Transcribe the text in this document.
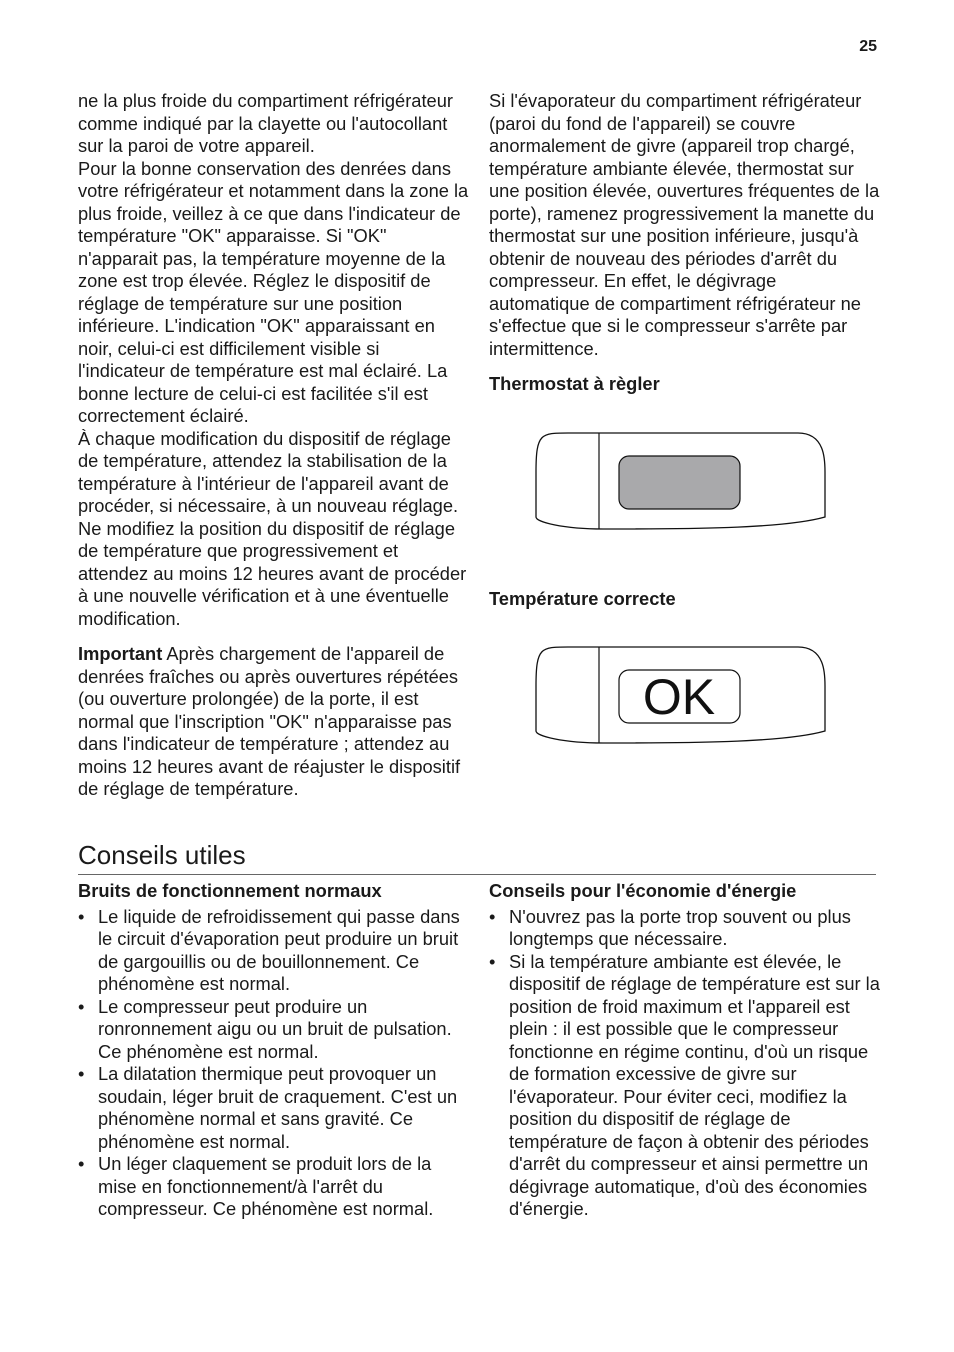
25

ne la plus froide du compartiment réfrigérateur comme indiqué par la clayette ou l'autocollant sur la paroi de votre appareil.

Pour la bonne conservation des denrées dans votre réfrigérateur et notamment dans la zone la plus froide, veillez à ce que dans l'indicateur de température "OK" apparaisse. Si "OK" n'apparait pas, la température moyenne de la zone est trop élevée. Réglez le dispositif de réglage de température sur une position inférieure. L'indication "OK" apparaissant en noir, celui-ci est difficilement visible si l'indicateur de température est mal éclairé. La bonne lecture de celui-ci est facilitée s'il est correctement éclairé.

À chaque modification du dispositif de réglage de température, attendez la stabilisation de la température à l'intérieur de l'appareil avant de procéder, si nécessaire, à un nouveau réglage. Ne modifiez la position du dispositif de réglage de température que progressivement et attendez au moins 12 heures avant de procéder à une nouvelle vérification et à une éventuelle modification.

Important Après chargement de l'appareil de denrées fraîches ou après ouvertures répétées (ou ouverture prolongée) de la porte, il est normal que l'inscription "OK" n'apparaisse pas dans l'indicateur de température ; attendez au moins 12 heures avant de réajuster le dispositif de réglage de température.

Si l'évaporateur du compartiment réfrigérateur (paroi du fond de l'appareil) se couvre anormalement de givre (appareil trop chargé, température ambiante élevée, thermostat sur une position élevée, ouvertures fréquentes de la porte), ramenez progressivement la manette du thermostat sur une position inférieure, jusqu'à obtenir de nouveau des périodes d'arrêt du compresseur. En effet, le dégivrage automatique de compartiment réfrigérateur ne s'effectue que si le compresseur s'arrête par intermittence.

Thermostat à règler
Température correcte
OK
Conseils utiles

Bruits de fonctionnement normaux

• Le liquide de refroidissement qui passe dans le circuit d'évaporation peut produire un bruit de gargouillis ou de bouillonnement. Ce phénomène est normal.
• Le compresseur peut produire un ronronnement aigu ou un bruit de pulsation. Ce phénomène est normal.
• La dilatation thermique peut provoquer un soudain, léger bruit de craquement. C'est un phénomène normal et sans gravité. Ce phénomène est normal.
• Un léger claquement se produit lors de la mise en fonctionnement/à l'arrêt du compresseur. Ce phénomène est normal.

Conseils pour l'économie d'énergie

• N'ouvrez pas la porte trop souvent ou plus longtemps que nécessaire.
• Si la température ambiante est élevée, le dispositif de réglage de température est sur la position de froid maximum et l'appareil est plein : il est possible que le compresseur fonctionne en régime continu, d'où un risque de formation excessive de givre sur l'évaporateur. Pour éviter ceci, modifiez la position du dispositif de réglage de température de façon à obtenir des périodes d'arrêt du compresseur et ainsi permettre un dégivrage automatique, d'où des économies d'énergie.
